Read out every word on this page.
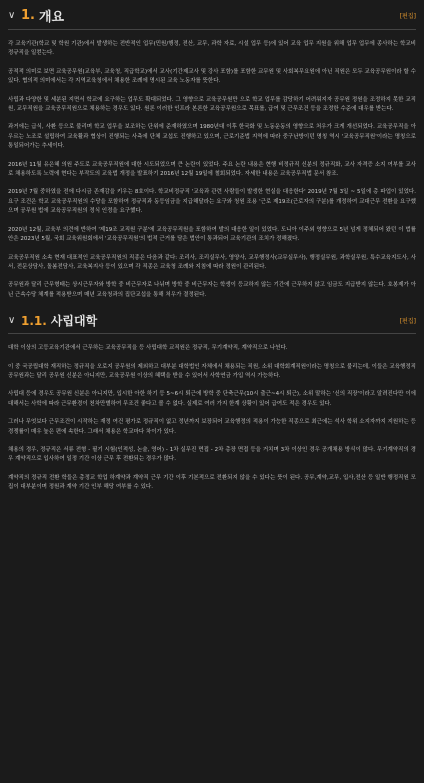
∨ 1. 개요	[편집]

각 교육기관(학교 및 학원 기관)에서 발생하는 전반적인 업무(민원/행정, 전산, 교무, 과학 자료, 시설 업무 등)에 있어 교육 업무 지원을 위해 업무 업무에 종사하는 학교비정규직을 일컫는다.

공적적 의미로 보면 교육공무원(교육부, 교육청, 직급학교)에서 교사(기간제교사 및 강사 포함)를 포함한 교무원 및 사회복무요원에 아닌 직원은 모두 교육공무원이라 할 수 있다. 협의적 의미에서는 각 지역교육청에서 채용한 조례에 명시된 교육 노동자를 뜻한다.

사립과 다양한 및 세분된 지면서 학교에 요구하는 업무도 확대되었다. 그 영향으로 교육공무원만 으로 학교 업무를 감당하기 어려워지자 공무원 정원을 조정하지 못한 교직원, 교무직원을 교육공무직원으로 채용하는 경우도 있다. 원론 이러한 인프라 본론한 교육공무원으로 목표를, 급여 및 근무조건 등을 조정한 수준에 대우를 받는다.

과거에는 급식, 사환 등으로 불리며 학교 업무을 보조하는 단위에 준재하였으며 1980년대 이후 한국화 및 노동운동의 영향으로 처우가 크게 개선되었다. 교육공무직을 아우르는 노조로 설립하여 교육활과 협상이 진행되는 사측에 단체 교섭도 진행하고 있으며, 근로기준법 지역에 따라 중구난방이던 명칭 역시 '교육공무직원'이라는 명칭으로 통일되어가는 추세이다.

2016년 11월 유은혜 의원 주도로 교육공무직원에 대한 시도되었으며 큰 논란이 있었다. 주요 논란 내용은 현행 비정규직 신분의 정규직화, 교사 자격증 소지 여부를 교사로 채용하도록 노력에 현다는 부작도의 교육법 개정을 발표하기 2016년 12월 19일에 철회되었다. 자세한 내용은 교육공무직법 문서 참조.

2019년 7월 중하였을 전에 다시금 존재감을 키우는 8호이다. 학교비정규직 '교육과 관련 사람들이 발생한 현실을 대응한다' 2019년 7월 3일 ~ 5일에 총 파업이 있었다. 요구 조건은 학교 교육공무직원의 수당을 포함하여 정규직과 동등임금을 지급해달라는 요구와 청원 조용 '근로 제19조(근로자의 구분)를 개정하여 교대근무 전환을 요구했으며 공무원 법에 교육공무직원의 정식 인정을 요구했다.

2020년 12월, 교육부 의견에 반하여 '제19조 교직원 구분'에 교육공무직원을 포함하여 발의 대응한 일이 있었다. 도니아 이주외 영향으로 5년 넘게 정체되어 왔던 이 법률안은 2023년 5월, 국회 교육위원회에서 '교육공무직원'의 법적 근거를 담은 법안이 통과되어 교육기관의 조치가 정해졌다.

교육공무직원 소속 현재 대표적인 교육공무직원의 직종은 다음과 같다: 조리사, 조리실무사, 영양사, 교무행정사(교무실무사), 행정실무원, 과학실무원, 특수교육지도사, 사서, 전문상담사, 돌봄전담사, 교육복지사 등이 있으며 각 직종은 교육청 조례와 지침에 따라 정원이 관리된다.

공무원과 달리 근무형태는 상시근무자와 방학 중 비근무자로 나뉘며 방학 중 비근무자는 학생이 등교하지 않는 기간에 근무하지 않고 임금도 지급받지 않는다. 호봉제가 아닌 근속수당 체계를 적용받으며 매년 교육청과의 집단교섭을 통해 처우가 결정된다.

∨ 1.1. 사립대학	[편집]

대학 이상의 고등교육기관에서 근무하는 교육공무직을 등 사립대학 교직원은 정규직, 무기계약직, 계약직으로 나뉜다.

이 중 국공립대학 재직하는 정규직을 오로지 공무원의 제외하고 대부분 대학법인 자체에서 채용되는 직원, 소위 대학회계직원이라는 명칭으로 불리는데, 이들은 교육행정직 공무원과는 달리 공무원 신분은 아니지만, 교육공무원 이상의 혜택을 받을 수 있어서 사학연금 가입 역시 가능하다.

사립대 등에 경우도 공무원 신분은 아니지만, 입시한 아한 하기 등 5~6시 퇴근에 방학 중 단축근무(10시 출근~4시 퇴근), 소위 말하는 '신의 직장'이라고 알려진다만 이에 대해서는 사학에 따라 근무환경이 천차만별하여 무조건 좋다고 볼 수 없다. 실제로 여러 가지 한계 상황이 있어 급여도 적은 경우도 있다.

그러나 무엇보다 근무조건이 시작하는 재정 여건 평가로 정규직이 없고 정년까지 보장되어 교육행정의 적용이 가능한 직종으로 최근에는 석사 학위 소지자까지 지원하는 등 경쟁률이 매우 높은 편에 속한다. 그래서 채용은 학교마다 차이가 있다.

채용의 경우, 정규직은 서류 전형 - 필기 시험(인적성, 논술, 영어) - 1차 실무진 면접 - 2차 총장 면접 등을 거치며 3차 이상인 경우 공개채용 방식이 많다. 무기계약직의 경우 계약직으로 입사하여 일정 기간 이상 근무 후 전환되는 경우가 많다.

계약직의 정규직 전환 학들은 총정교 학업 하계약과 계약직 근무 기간 이후 기본적으로 전환되지 않을 수 있다는 뜻이 된다. 공무,계약,교무, 입사,전산 등 일반 행정직원 모집이 대부분이며 정원과 계약 기간 인부 해당 여부를 수 있다.
